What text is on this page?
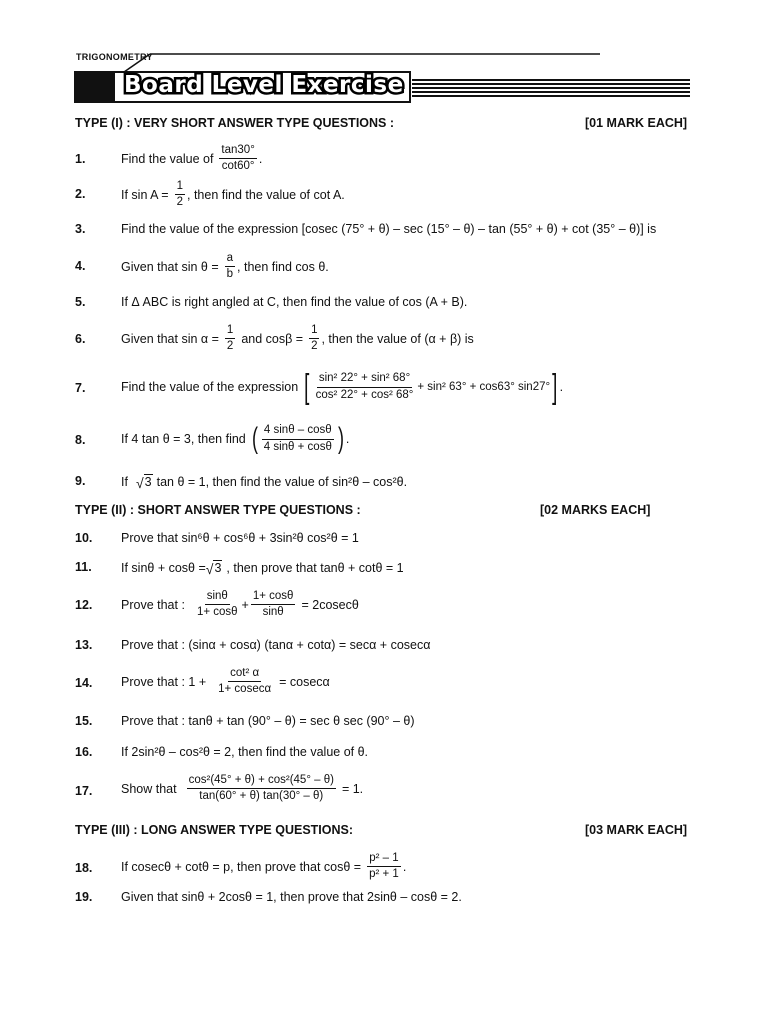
TRIGONOMETRY
Board Level Exercise
TYPE (I) : VERY SHORT ANSWER TYPE QUESTIONS :	[01 MARK EACH]
1.	Find the value of $\frac{\tan 30^\circ}{\cot 60^\circ}$ .
2.	If $\sin A = \frac{1}{2}$ , then find the value of cot A.
3.	Find the value of the expression [cosec (75° + θ) – sec (15° – θ) – tan (55° + θ) + cot (35° – θ)] is
4.	Given that $\sin \theta = \frac{a}{b}$ , then find cos θ.
5.	If Δ ABC is right angled at C, then find the value of cos (A + B).
6.	Given that $\sin \alpha = \frac{1}{2}$ and $\cos\beta = \frac{1}{2}$ , then the value of (α + β) is
7.	Find the value of the expression [ $\frac{\text{sin² 22° + sin² 68°}}{\text{cos² 22° + cos² 68°}} + \sin^2$ 63° + cos63° sin27° ] .
8.	If 4 tan θ = 3, then find ( $\frac{4 \sin\theta - \cos\theta}{4 \sin\theta + \cos\theta}$ ) .
9.	If √ 3 tan θ = 1, then find the value of sin²θ – cos²θ.
TYPE (II) : SHORT ANSWER TYPE QUESTIONS :	[02 MARKS EACH]
10. Prove that sin⁶θ + cos⁶θ + 3sin²θ cos²θ = 1
11. If sinθ + cosθ = √ 3 , then prove that tanθ + cotθ = 1
12. Prove that : $\frac{\sin\theta}{1+ \cos\theta} + \frac{1+ \cos\theta}{\sin\theta} = 2cosec\theta$
13. Prove that : (sinα + cosα) (tanα + cotα) = secα + cosecα
14. Prove that : $1 + \frac{\text{cot² α}}{1+ cosec\alpha} = cosec\alpha$
15. Prove that : tanθ + tan (90° – θ) = sec θ sec (90° – θ)
16. If 2sin²θ – cos²θ = 2, then find the value of θ.
17. Show that $\frac{\text{cos²(45° + θ) + cos²(45° – θ)}}{\tan(60^\circ + \theta) \tan(30^\circ - \theta)} = 1$.
TYPE (III) : LONG ANSWER TYPE QUESTIONS:	[03 MARK EACH]
18. If cosecθ + cotθ = p, then prove that $\cos\theta = \frac{\text{p² – 1}}{\text{p² + 1}}$ .
19. Given that sinθ + 2cosθ = 1, then prove that 2sinθ – cosθ = 2.
